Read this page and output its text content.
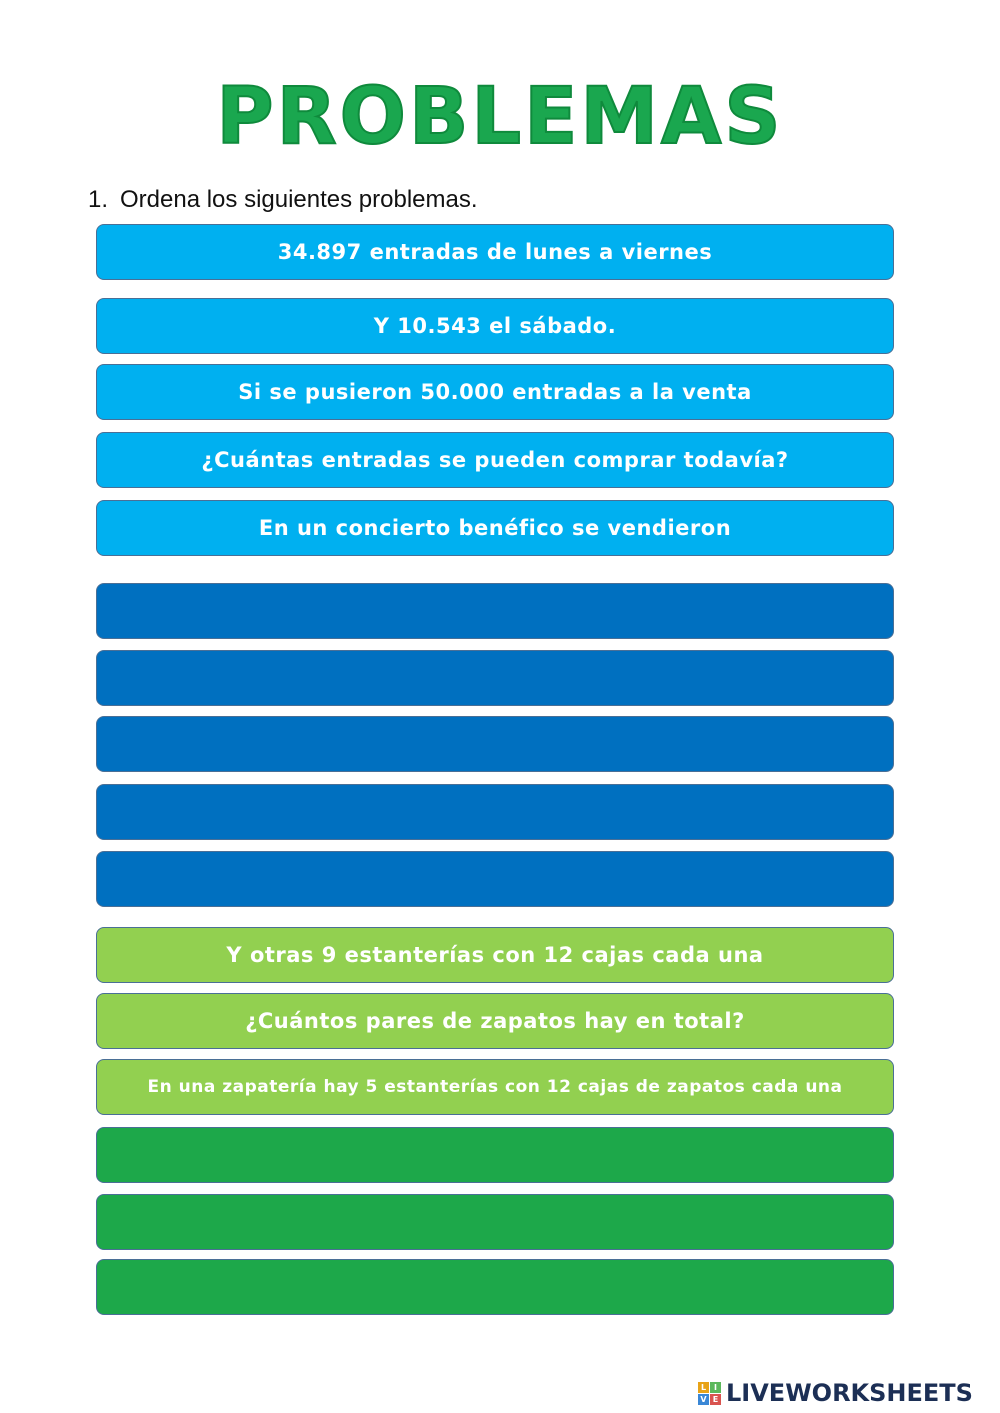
PROBLEMAS
1. Ordena los siguientes problemas.
34.897 entradas de lunes a viernes
Y 10.543 el sábado.
Si se pusieron 50.000 entradas a la venta
¿Cuántas entradas se pueden comprar todavía?
En un concierto benéfico se vendieron
Y otras 9 estanterías con 12 cajas cada una
¿Cuántos pares de zapatos hay en total?
En una zapatería hay 5 estanterías con 12 cajas de zapatos cada una
L I
V E LIVEWORKSHEETS
